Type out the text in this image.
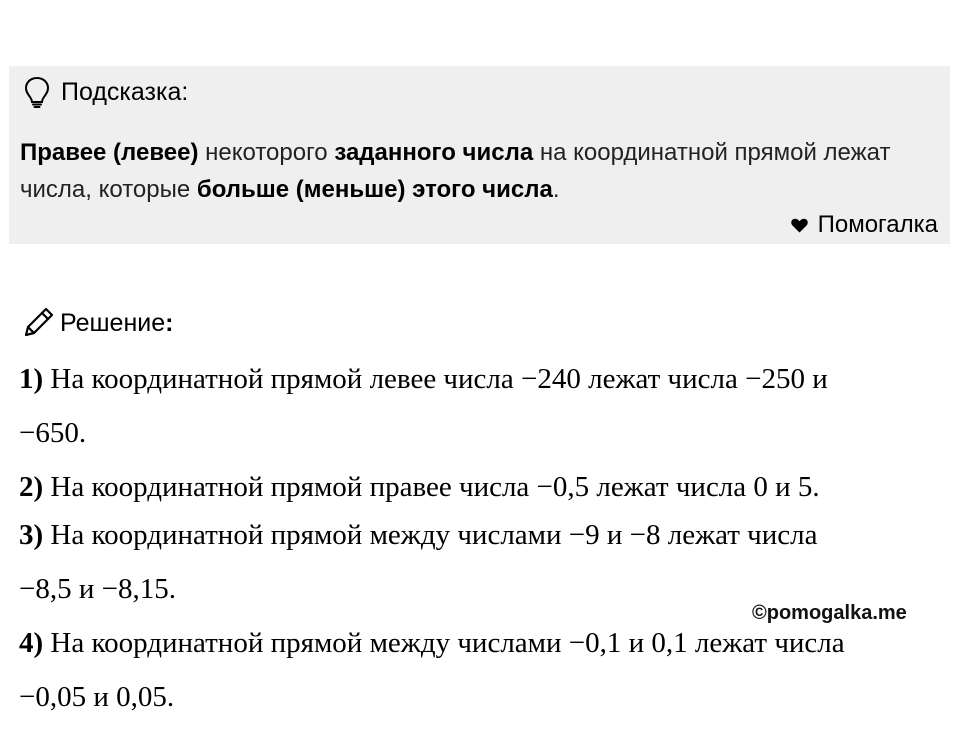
Подсказка:
Правее (левее) некоторого заданного числа на координатной прямой лежат числа, которые больше (меньше) этого числа.
Помогалка
Решение:
1) На координатной прямой левее числа −240 лежат числа −250 и
−650.
2) На координатной прямой правее числа −0,5 лежат числа 0 и 5.
3) На координатной прямой между числами −9 и −8 лежат числа
−8,5 и −8,15.
©pomogalka.me
4) На координатной прямой между числами −0,1 и 0,1 лежат числа
−0,05 и 0,05.
